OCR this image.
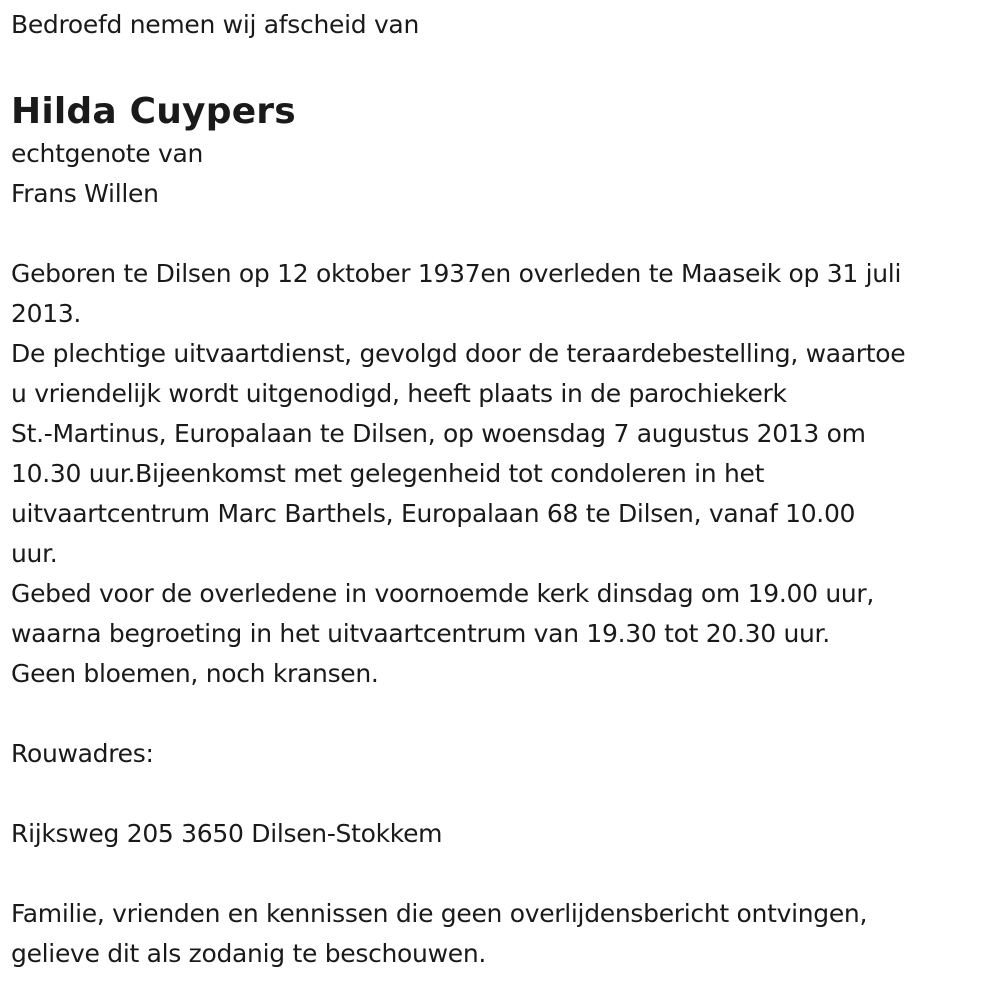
Bedroefd nemen wij afscheid van
Hilda Cuypers
echtgenote van
Frans Willen
Geboren te Dilsen op 12 oktober 1937en overleden te Maaseik op 31 juli
2013.
De plechtige uitvaartdienst, gevolgd door de teraardebestelling, waartoe
u vriendelijk wordt uitgenodigd, heeft plaats in de parochiekerk
St.-Martinus, Europalaan te Dilsen, op woensdag 7 augustus 2013 om
10.30 uur.Bijeenkomst met gelegenheid tot condoleren in het
uitvaartcentrum Marc Barthels, Europalaan 68 te Dilsen, vanaf 10.00
uur.
Gebed voor de overledene in voornoemde kerk dinsdag om 19.00 uur,
waarna begroeting in het uitvaartcentrum van 19.30 tot 20.30 uur.
Geen bloemen, noch kransen.
Rouwadres:
Rijksweg 205 3650 Dilsen-Stokkem
Familie, vrienden en kennissen die geen overlijdensbericht ontvingen,
gelieve dit als zodanig te beschouwen.
